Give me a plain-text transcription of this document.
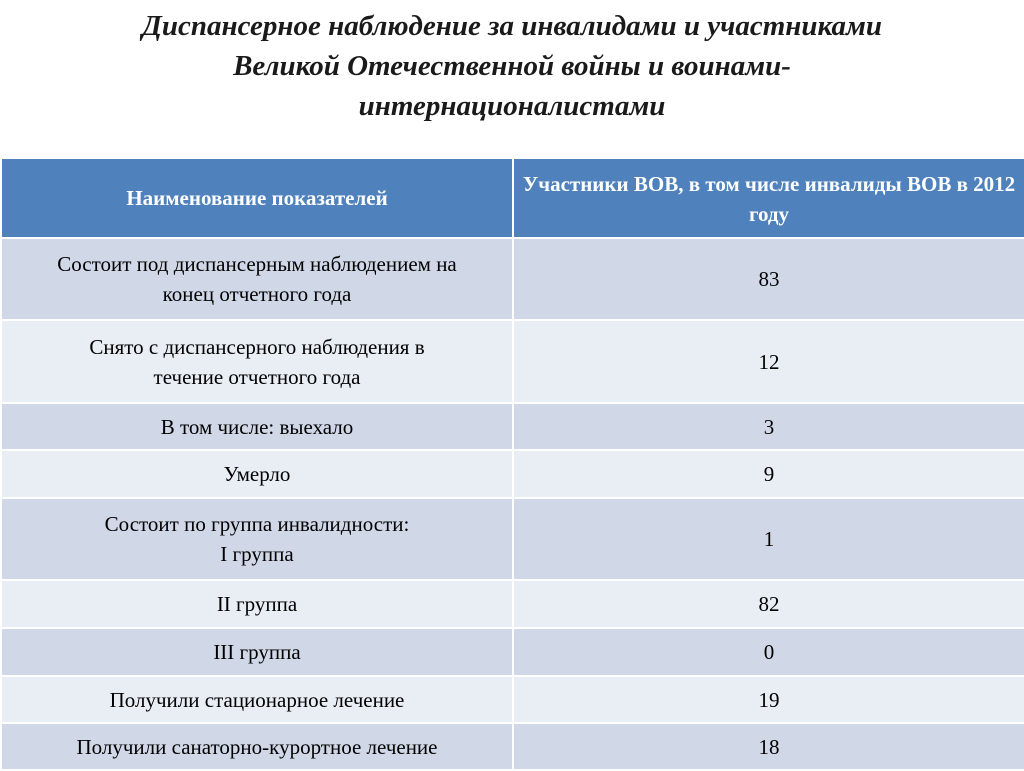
Диспансерное наблюдение за инвалидами и участниками
Великой Отечественной войны и воинами-
интернационалистами
Наименование показателей	Участники ВОВ, в том числе инвалиды ВОВ в 2012 году

Состоит под диспансерным наблюдением на
конец отчетного года	83

Снято с диспансерного наблюдения в
течение отчетного года	12
В том числе: выехало	3
Умерло	9

Состоит по группа инвалидности:
I группа	1
II группа	82
III группа	0
Получили стационарное лечение	19
Получили санаторно-курортное лечение	18
